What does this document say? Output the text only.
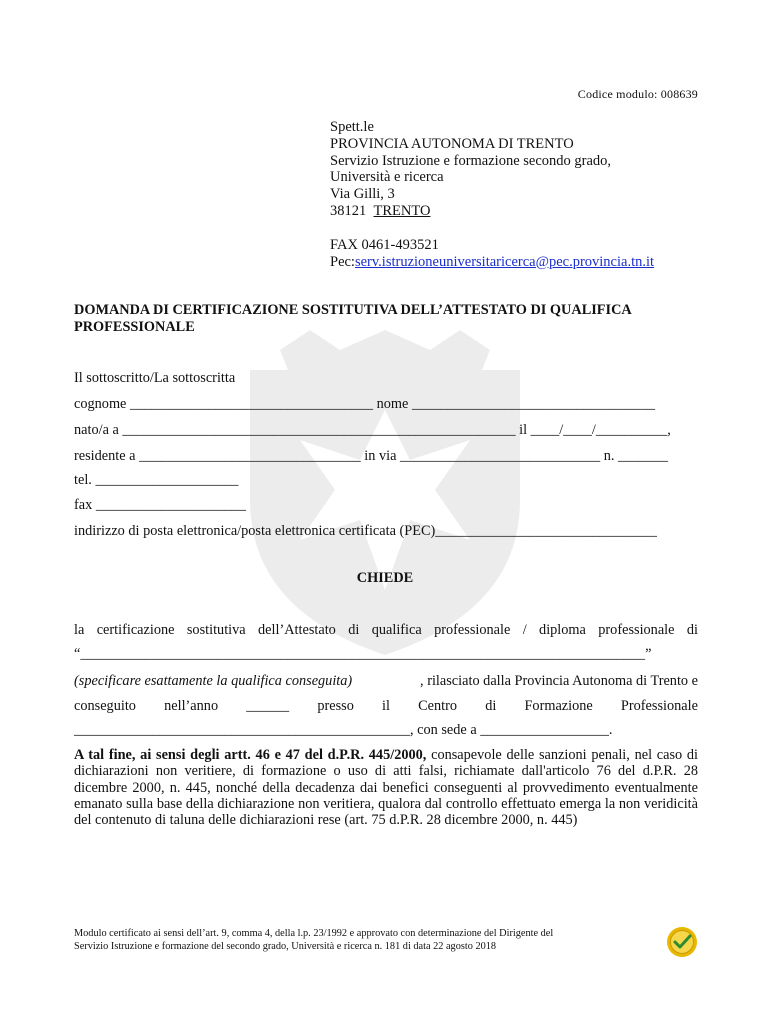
Codice modulo: 008639
Spett.le
PROVINCIA AUTONOMA DI TRENTO
Servizio Istruzione e formazione secondo grado,
Università e ricerca
Via Gilli, 3
38121 TRENTO
FAX 0461-493521
Pec:serv.istruzioneuniversitaricerca@pec.provincia.tn.it
DOMANDA DI CERTIFICAZIONE SOSTITUTIVA DELL’ATTESTATO DI QUALIFICA PROFESSIONALE
Il sottoscritto/La sottoscritta
cognome __________________________________ nome __________________________________
nato/a a _______________________________________________________ il ____/____/__________,
residente a _______________________________ in via ____________________________ n. _______
tel. ____________________
fax _____________________
indirizzo di posta elettronica/posta elettronica certificata (PEC)_______________________________
CHIEDE
la certificazione sostitutiva dell’Attestato di qualifica professionale / diploma professionale di
“_______________________________________________________________________________”
(specificare esattamente la qualifica conseguita)	, rilasciato dalla Provincia Autonoma di Trento e
conseguito nell’anno ______ presso il Centro di Formazione Professionale
_______________________________________________, con sede a __________________.
A tal fine, ai sensi degli artt. 46 e 47 del d.P.R. 445/2000, consapevole delle sanzioni penali, nel caso di dichiarazioni non veritiere, di formazione o uso di atti falsi, richiamate dall'articolo 76 del d.P.R. 28 dicembre 2000, n. 445, nonché della decadenza dai benefici conseguenti al provvedimento eventualmente emanato sulla base della dichiarazione non veritiera, qualora dal controllo effettuato emerga la non veridicità del contenuto di taluna delle dichiarazioni rese (art. 75 d.P.R. 28 dicembre 2000, n. 445)
Modulo certificato ai sensi dell’art. 9, comma 4, della l.p. 23/1992 e approvato con determinazione del Dirigente del
Servizio Istruzione e formazione del secondo grado, Università e ricerca n. 181 di data 22 agosto 2018
